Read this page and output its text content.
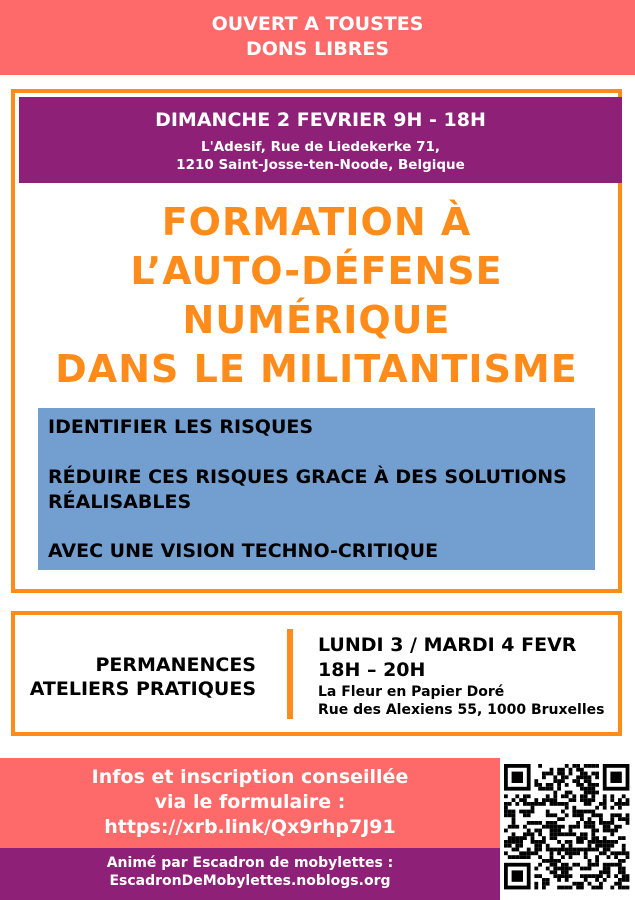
OUVERT A TOUSTES
DONS LIBRES
DIMANCHE 2 FEVRIER 9H - 18H
L'Adesif, Rue de Liedekerke 71,
1210 Saint-Josse-ten-Noode, Belgique
FORMATION À
L’AUTO-DÉFENSE
NUMÉRIQUE
DANS LE MILITANTISME
IDENTIFIER LES RISQUES
RÉDUIRE CES RISQUES GRACE À DES SOLUTIONS RÉALISABLES
AVEC UNE VISION TECHNO-CRITIQUE
PERMANENCES
ATELIERS PRATIQUES
LUNDI 3 / MARDI 4 FEVR
18H – 20H
La Fleur en Papier Doré
Rue des Alexiens 55, 1000 Bruxelles
Infos et inscription conseillée
via le formulaire :
https://xrb.link/Qx9rhp7J91
Animé par Escadron de mobylettes :
EscadronDeMobylettes.noblogs.org
